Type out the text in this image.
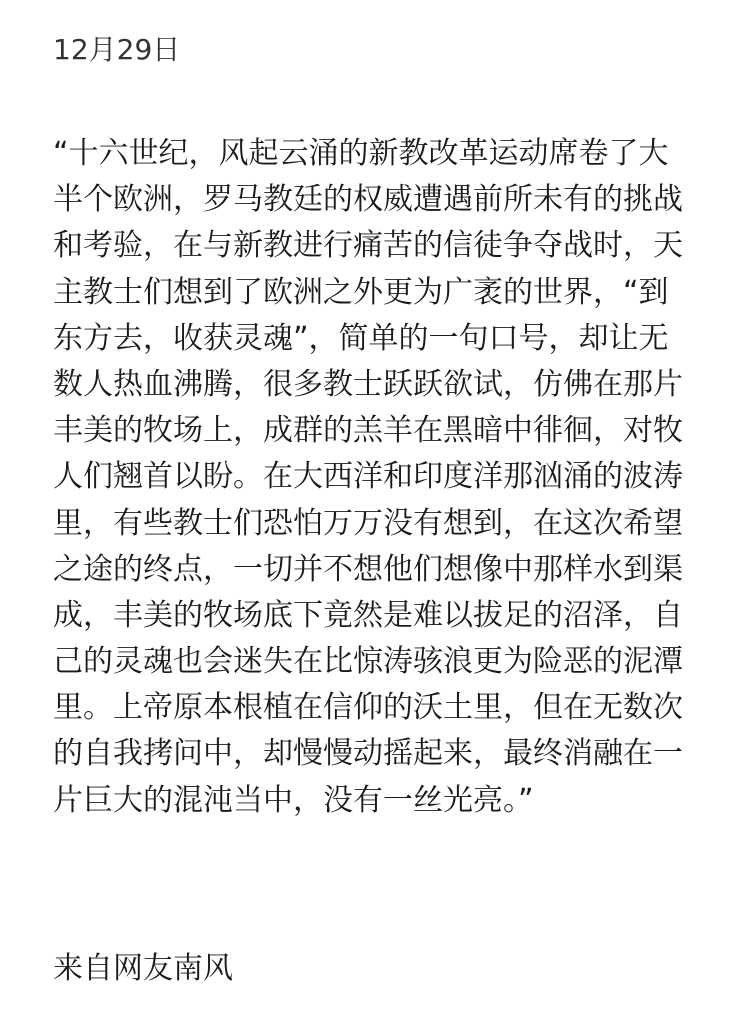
12月29日
“十六世纪，风起云涌的新教改革运动席卷了大
半个欧洲，罗马教廷的权威遭遇前所未有的挑战
和考验，在与新教进行痛苦的信徒争夺战时，天
主教士们想到了欧洲之外更为广袤的世界，“到
东方去，收获灵魂”，简单的一句口号，却让无
数人热血沸腾，很多教士跃跃欲试，仿佛在那片
丰美的牧场上，成群的羔羊在黑暗中徘徊，对牧
人们翘首以盼。在大西洋和印度洋那汹涌的波涛
里，有些教士们恐怕万万没有想到，在这次希望
之途的终点，一切并不想他们想像中那样水到渠
成，丰美的牧场底下竟然是难以拔足的沼泽，自
己的灵魂也会迷失在比惊涛骇浪更为险恶的泥潭
里。上帝原本根植在信仰的沃土里，但在无数次
的自我拷问中，却慢慢动摇起来，最终消融在一
片巨大的混沌当中，没有一丝光亮。”
来自网友南风
